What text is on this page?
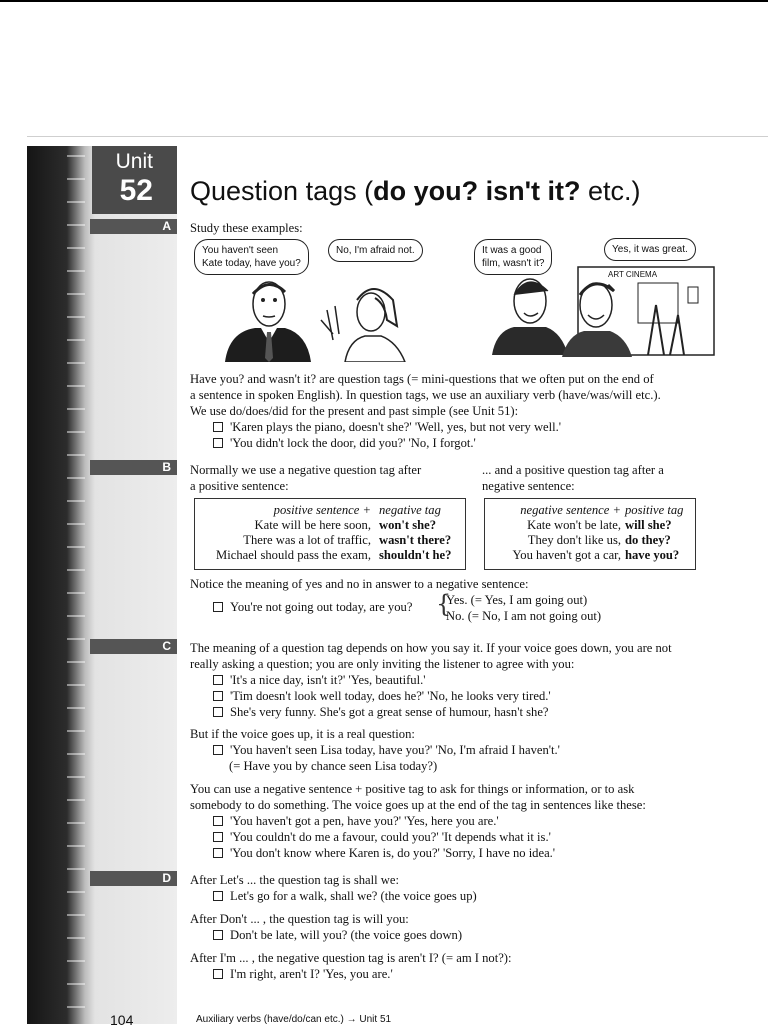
Unit
52
A
B
C
D
Question tags (do you? isn't it? etc.)
Study these examples:
You haven't seen
Kate today, have you?
No, I'm afraid not.	It was a good
film, wasn't it?
Yes, it was great.
ART CINEMA
Have you? and wasn't it? are question tags (= mini-questions that we often put on the end of
a sentence in spoken English). In question tags, we use an auxiliary verb (have/was/will etc.).
We use do/does/did for the present and past simple (see Unit 51):
'Karen plays the piano, doesn't she?' 'Well, yes, but not very well.'
'You didn't lock the door, did you?' 'No, I forgot.'
Normally we use a negative question tag after
a positive sentence:
... and a positive question tag after a
negative sentence:
positive sentence + negative tag
Kate will be here soon, won't she?
There was a lot of traffic, wasn't there?
Michael should pass the exam, shouldn't he?
negative sentence + positive tag
Kate won't be late, will she?
They don't like us, do they?
You haven't got a car, have you?
Notice the meaning of yes and no in answer to a negative sentence:
You're not going out today, are you? {
Yes. (= Yes, I am going out)
No. (= No, I am not going out)
The meaning of a question tag depends on how you say it. If your voice goes down, you are not
really asking a question; you are only inviting the listener to agree with you:
'It's a nice day, isn't it?' 'Yes, beautiful.'
'Tim doesn't look well today, does he?' 'No, he looks very tired.'
She's very funny. She's got a great sense of humour, hasn't she?
But if the voice goes up, it is a real question:
'You haven't seen Lisa today, have you?' 'No, I'm afraid I haven't.'
(= Have you by chance seen Lisa today?)
You can use a negative sentence + positive tag to ask for things or information, or to ask
somebody to do something. The voice goes up at the end of the tag in sentences like these:
'You haven't got a pen, have you?' 'Yes, here you are.'
'You couldn't do me a favour, could you?' 'It depends what it is.'
'You don't know where Karen is, do you?' 'Sorry, I have no idea.'
After Let's ... the question tag is shall we:
Let's go for a walk, shall we? (the voice goes up)
After Don't ... , the question tag is will you:
Don't be late, will you? (the voice goes down)
After I'm ... , the negative question tag is aren't I? (= am I not?):
I'm right, aren't I? 'Yes, you are.'
104	Auxiliary verbs (have/do/can etc.) → Unit 51
